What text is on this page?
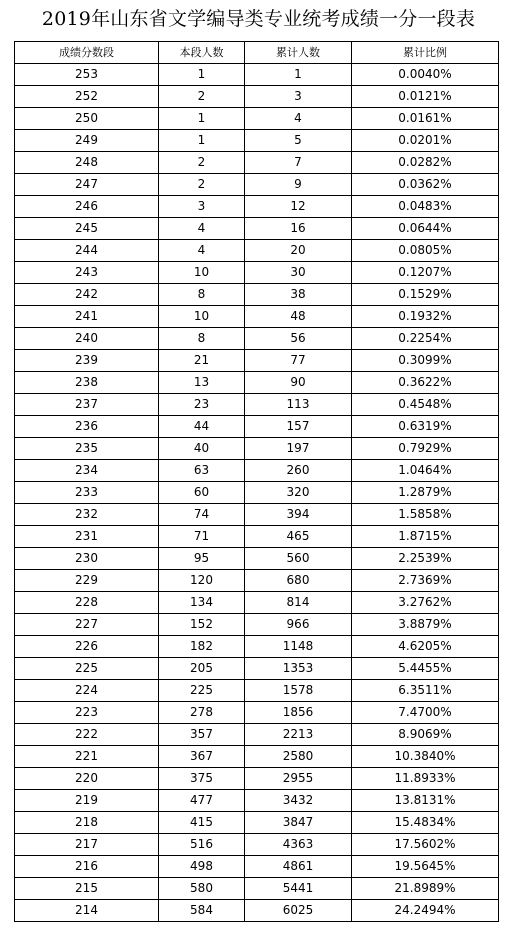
2019年山东省文学编导类专业统考成绩一分一段表
成绩分数段	本段人数	累计人数	累计比例
253	1	1	0.0040%
252	2	3	0.0121%
250	1	4	0.0161%
249	1	5	0.0201%
248	2	7	0.0282%
247	2	9	0.0362%
246	3	12	0.0483%
245	4	16	0.0644%
244	4	20	0.0805%
243	10	30	0.1207%
242	8	38	0.1529%
241	10	48	0.1932%
240	8	56	0.2254%
239	21	77	0.3099%
238	13	90	0.3622%
237	23	113	0.4548%
236	44	157	0.6319%
235	40	197	0.7929%
234	63	260	1.0464%
233	60	320	1.2879%
232	74	394	1.5858%
231	71	465	1.8715%
230	95	560	2.2539%
229	120	680	2.7369%
228	134	814	3.2762%
227	152	966	3.8879%
226	182	1148	4.6205%
225	205	1353	5.4455%
224	225	1578	6.3511%
223	278	1856	7.4700%
222	357	2213	8.9069%
221	367	2580	10.3840%
220	375	2955	11.8933%
219	477	3432	13.8131%
218	415	3847	15.4834%
217	516	4363	17.5602%
216	498	4861	19.5645%
215	580	5441	21.8989%
214	584	6025	24.2494%
